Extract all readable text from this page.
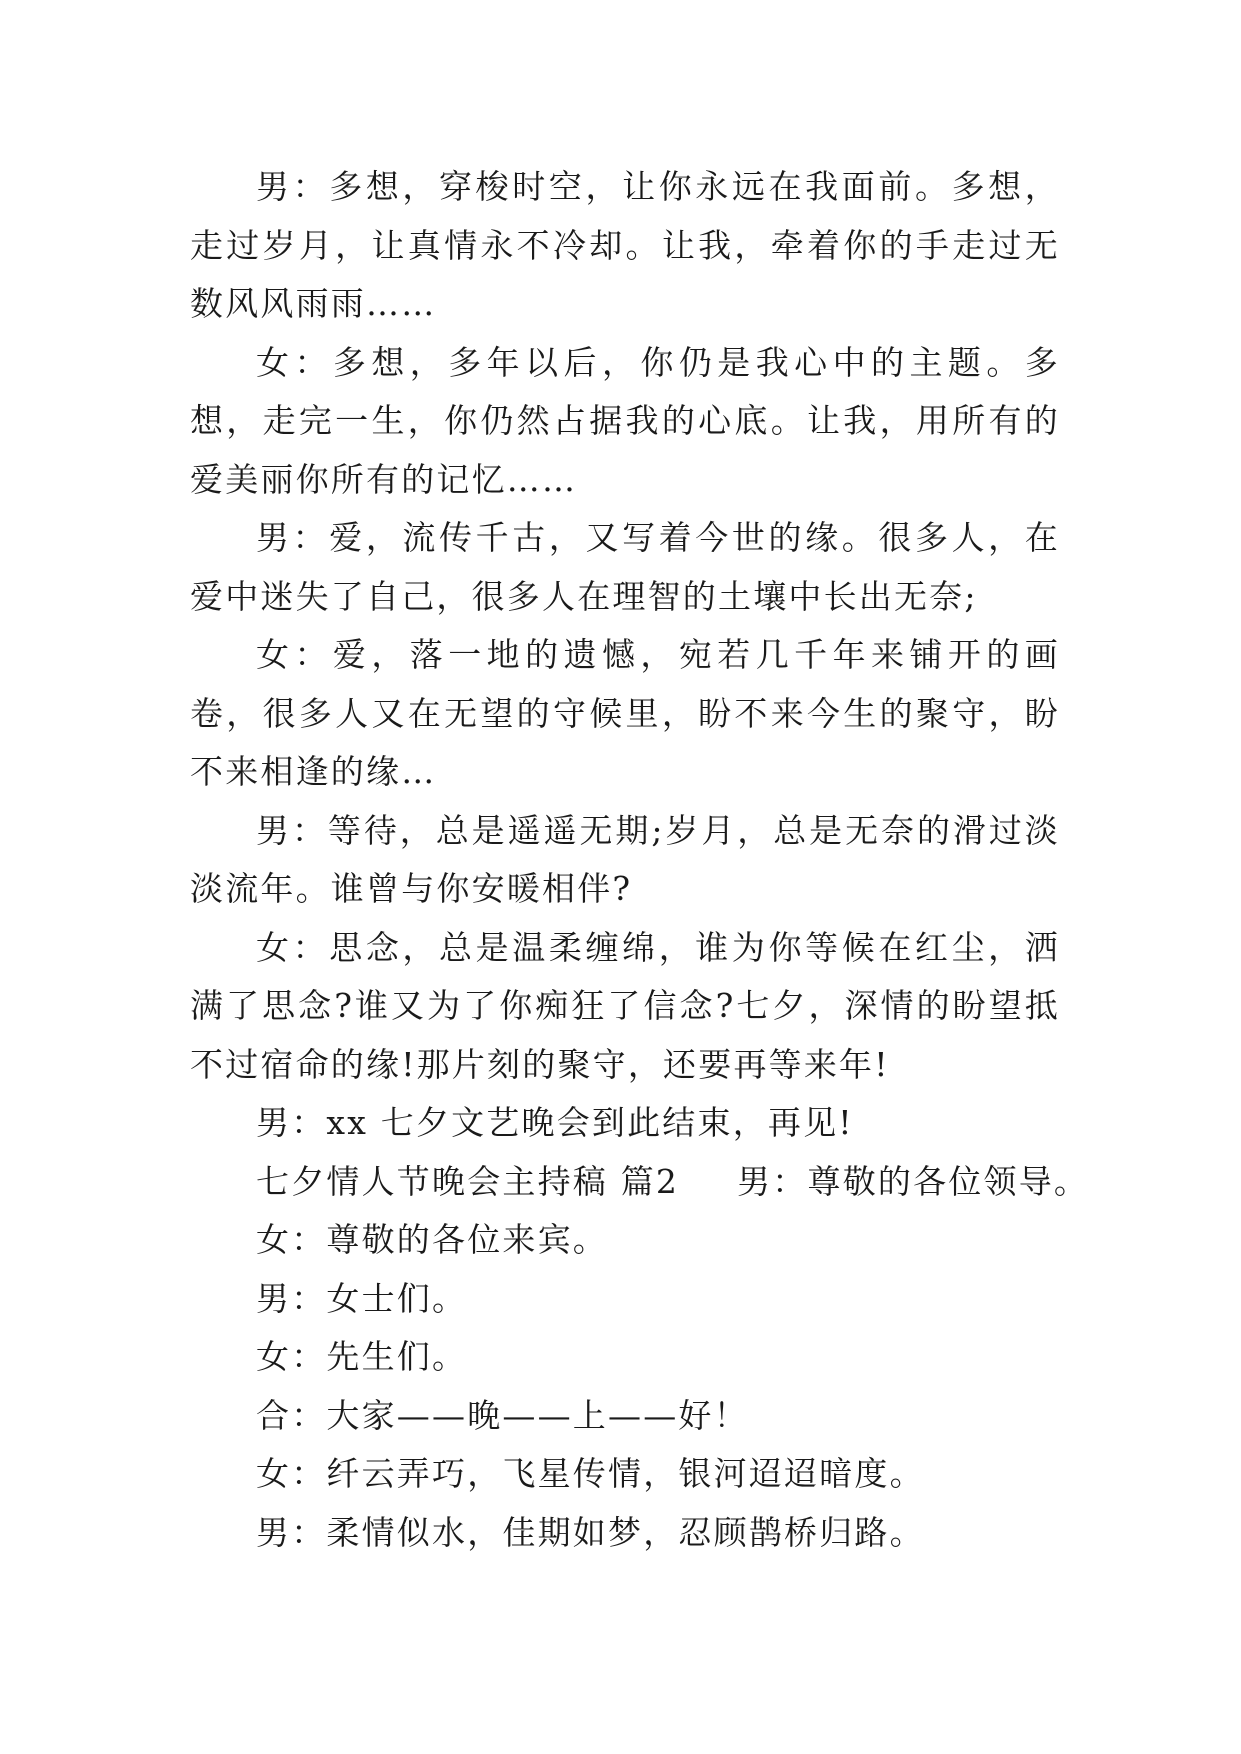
男：多想，穿梭时空，让你永远在我面前。多想，走过岁月，让真情永不冷却。让我，牵着你的手走过无数风风雨雨……

女：多想，多年以后，你仍是我心中的主题。多想，走完一生，你仍然占据我的心底。让我，用所有的爱美丽你所有的记忆……

男：爱，流传千古，又写着今世的缘。很多人，在爱中迷失了自己，很多人在理智的土壤中长出无奈;

女：爱，落一地的遗憾，宛若几千年来铺开的画卷，很多人又在无望的守候里，盼不来今生的聚守，盼不来相逢的缘…

男：等待，总是遥遥无期;岁月，总是无奈的滑过淡淡流年。谁曾与你安暖相伴?

女：思念，总是温柔缠绵，谁为你等候在红尘，洒满了思念?谁又为了你痴狂了信念?七夕，深情的盼望抵不过宿命的缘!那片刻的聚守，还要再等来年!

男：xx 七夕文艺晚会到此结束，再见!

七夕情人节晚会主持稿 篇2 男：尊敬的各位领导。

女：尊敬的各位来宾。

男：女士们。

女：先生们。

合：大家——晚——上——好！

女：纤云弄巧，飞星传情，银河迢迢暗度。

男：柔情似水，佳期如梦，忍顾鹊桥归路。
